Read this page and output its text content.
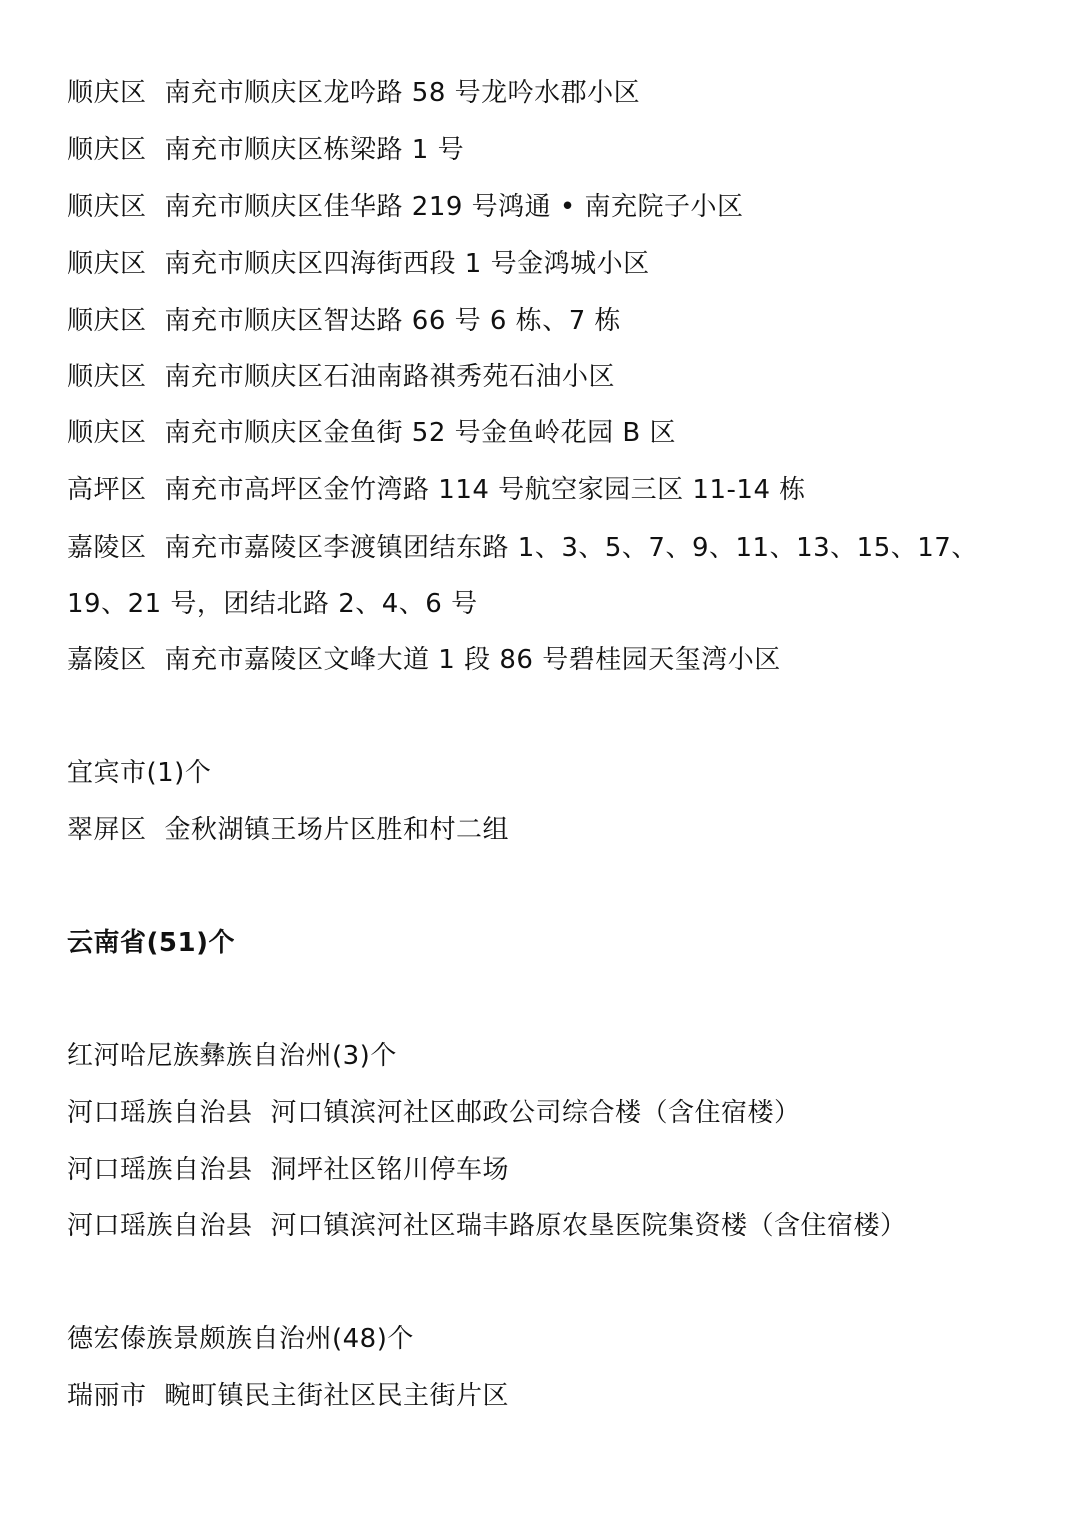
顺庆区 南充市顺庆区龙吟路 58 号龙吟水郡小区
顺庆区 南充市顺庆区栋梁路 1 号
顺庆区 南充市顺庆区佳华路 219 号鸿通 • 南充院子小区
顺庆区 南充市顺庆区四海街西段 1 号金鸿城小区
顺庆区 南充市顺庆区智达路 66 号 6 栋、7 栋
顺庆区 南充市顺庆区石油南路祺秀苑石油小区
顺庆区 南充市顺庆区金鱼街 52 号金鱼岭花园 B 区
高坪区 南充市高坪区金竹湾路 114 号航空家园三区 11-14 栋
嘉陵区 南充市嘉陵区李渡镇团结东路 1、3、5、7、9、11、13、15、17、
19、21 号，团结北路 2、4、6 号
嘉陵区 南充市嘉陵区文峰大道 1 段 86 号碧桂园天玺湾小区
宜宾市(1)个
翠屏区 金秋湖镇王场片区胜和村二组
云南省(51)个
红河哈尼族彝族自治州(3)个
河口瑶族自治县 河口镇滨河社区邮政公司综合楼（含住宿楼）
河口瑶族自治县 洞坪社区铭川停车场
河口瑶族自治县 河口镇滨河社区瑞丰路原农垦医院集资楼（含住宿楼）
德宏傣族景颇族自治州(48)个
瑞丽市 畹町镇民主街社区民主街片区
